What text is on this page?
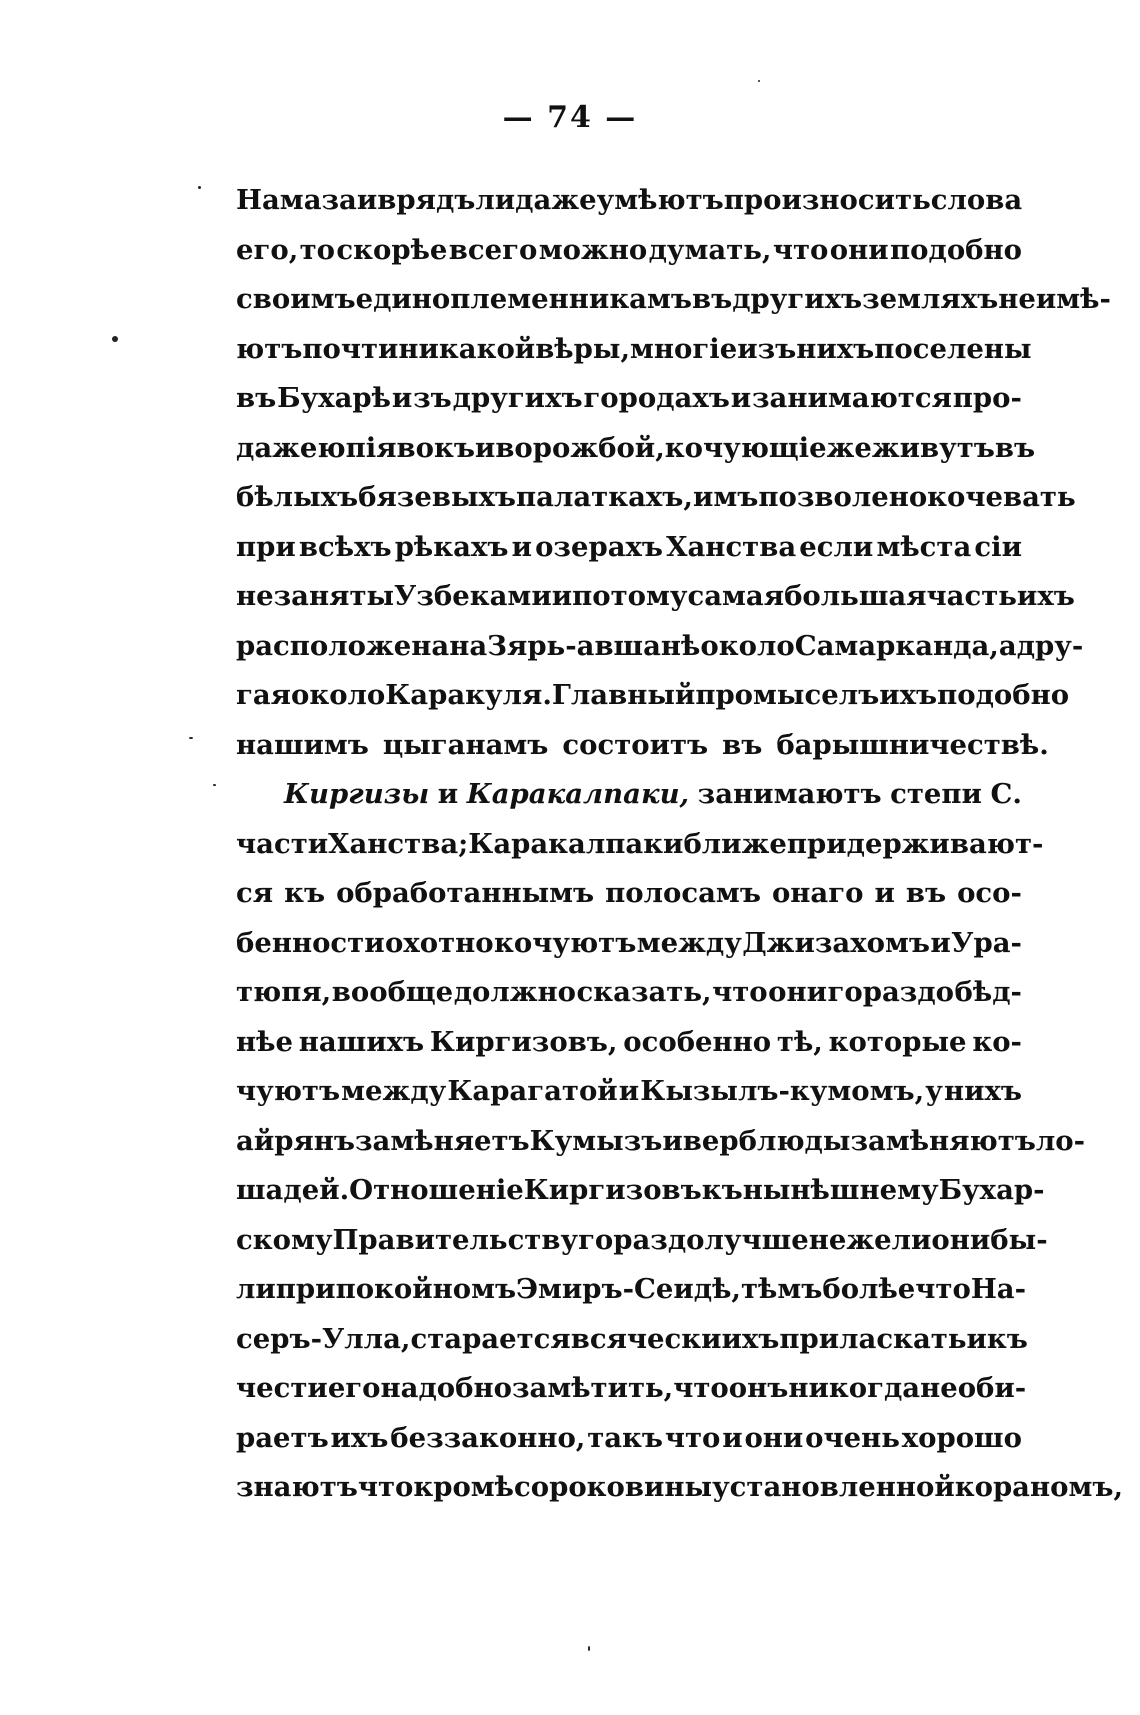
— 74 —
Намаза и врядъ ли даже умѣютъ произносить слова
его, то скорѣе всего можно думать, что они подобно
своимъ единоплеменникамъ въ другихъ земляхъ не имѣ-
ютъ почти никакой вѣры, многіе изъ нихъ поселены
въ Бухарѣ и зъ другихъ городахъ и занимаются про-
дажею піявокъ и ворожбой, кочующіе же живутъ въ
бѣлыхъ бязевыхъ палаткахъ, имъ позволено кочевать
при всѣхъ рѣкахъ и озерахъ Ханства если мѣста сіи
не заняты Узбеками и потому самая большая часть ихъ
расположена на Зярь-авшанѣ около Самарканда, а дру-
гая около Каракуля. Главный промыселъ ихъ подобно
нашимъ цыганамъ состоитъ въ барышничествѣ.
Киргизы и Каракалпаки, занимаютъ степи С.
части Ханства; Каракалпаки ближе придерживают-
ся къ обработаннымъ полосамъ онаго и въ осо-
бенности охотно кочуютъ между Джизахомъ и Ура-
тюпя, вообще должно сказать, что они гораздо бѣд-
нѣе нашихъ Киргизовъ, особенно тѣ, которые ко-
чуютъ между Карагатой и Кызылъ-кумомъ, у нихъ
айрянъ замѣняетъ Кумызъ и верблюды замѣняютъ ло-
шадей. Отношеніе Киргизовъ къ нынѣшнему Бухар-
скому Правительству гораздо лучше нежели они бы-
ли при покойномъ Эмиръ-Сеидѣ, тѣмъ болѣе что На-
серъ-Улла, старается всячески ихъ приласкать и къ
чести его надобно замѣтить, что онъ никогда не оби-
раетъ ихъ беззаконно, такъ что и они очень хорошо
знаютъ что кромѣ сороковины установленной кораномъ,
